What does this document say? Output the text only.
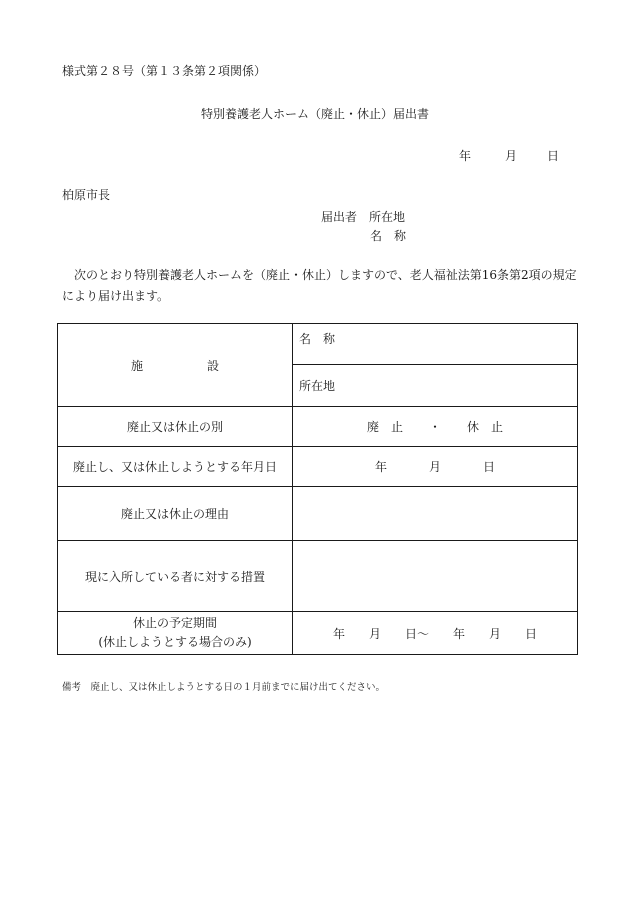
様式第２８号（第１３条第２項関係）
特別養護老人ホーム（廃止・休止）届出書
年	月	日
柏原市長
届出者　 所在地
名　称
　次のとおり特別養護老人ホームを（廃止・休止）しますので、老人福祉法第16条第2項の規定により届け出ます。
施 設	名　称
	所在地
廃止又は休止の別	廃　止 ・ 休　止
廃止し、又は休止しようとする年月日	年 月 日
廃止又は休止の理由	
現に入所している者に対する措置	
休止の予定期間
(休止しようとする場合のみ)	年 月 日～ 年 月 日
備考　廃止し、又は休止しようとする日の１月前までに届け出てください。
